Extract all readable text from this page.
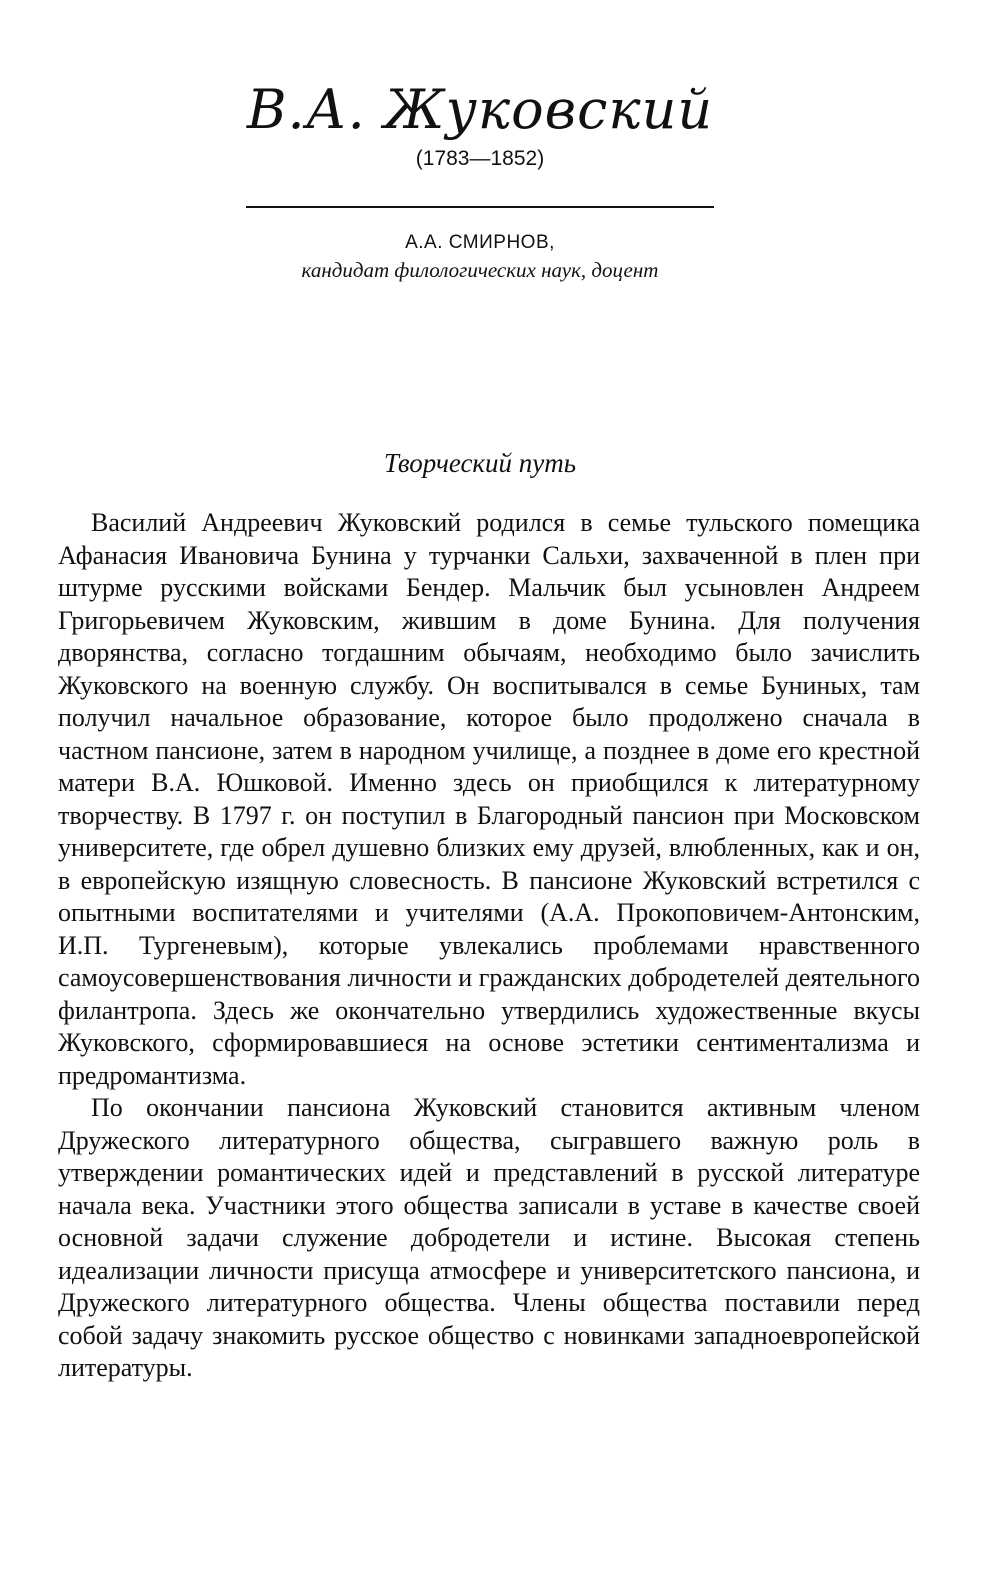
В.А. Жуковский
(1783—1852)
А.А. СМИРНОВ,
кандидат филологических наук, доцент
Творческий путь

Василий Андреевич Жуковский родился в семье тульского помещика Афанасия Ивановича Бунина у турчанки Сальхи, захваченной в плен при штурме русскими войсками Бендер. Мальчик был усыновлен Андреем Григорьевичем Жуковским, жившим в доме Бунина. Для получения дворянства, согласно тогдашним обычаям, необходимо было зачислить Жуковского на военную службу. Он воспитывался в семье Буниных, там получил начальное образование, которое было продолжено сначала в частном пансионе, затем в народном училище, а позднее в доме его крестной матери В.А. Юшковой. Именно здесь он приобщился к литературному творчеству. В 1797 г. он поступил в Благородный пансион при Московском университете, где обрел душевно близких ему друзей, влюбленных, как и он, в европейскую изящную словесность. В пансионе Жуковский встретился с опытными воспитателями и учителями (А.А. Прокоповичем-Антонским, И.П. Тургеневым), которые увлекались проблемами нравственного самоусовершенствования личности и гражданских добродетелей деятельного филантропа. Здесь же окончательно утвердились художественные вкусы Жуковского, сформировавшиеся на основе эстетики сентиментализма и предромантизма.

По окончании пансиона Жуковский становится активным членом Дружеского литературного общества, сыгравшего важную роль в утверждении романтических идей и представлений в русской литературе начала века. Участники этого общества записали в уставе в качестве своей основной задачи служение добродетели и истине. Высокая степень идеализации личности присуща атмосфере и университетского пансиона, и Дружеского литературного общества. Члены общества поставили перед собой задачу знакомить русское общество с новинками западноевропейской литературы.
